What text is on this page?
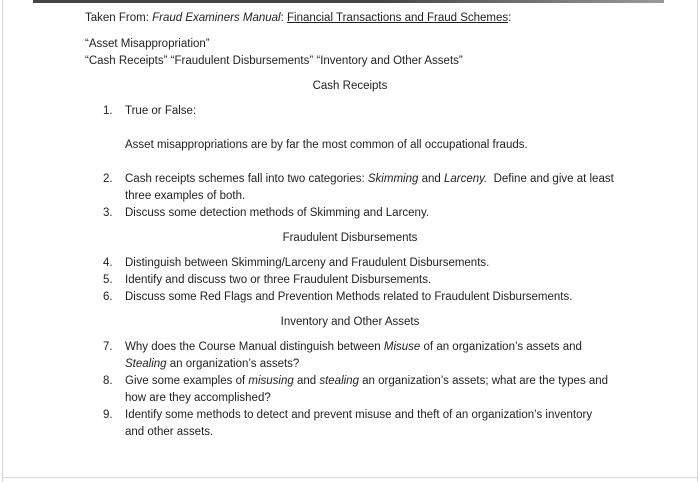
Taken From: Fraud Examiners Manual: Financial Transactions and Fraud Schemes:
“Asset Misappropriation”
“Cash Receipts” “Fraudulent Disbursements” “Inventory and Other Assets”
Cash Receipts
1.	True or False:
Asset misappropriations are by far the most common of all occupational frauds.
2.	Cash receipts schemes fall into two categories: Skimming and Larceny.  Define and give at least
three examples of both.
3.	Discuss some detection methods of Skimming and Larceny.
Fraudulent Disbursements
4.	Distinguish between Skimming/Larceny and Fraudulent Disbursements.
5.	Identify and discuss two or three Fraudulent Disbursements.
6.	Discuss some Red Flags and Prevention Methods related to Fraudulent Disbursements.
Inventory and Other Assets
7.	Why does the Course Manual distinguish between Misuse of an organization’s assets and
Stealing an organization’s assets?
8.	Give some examples of misusing and stealing an organization’s assets; what are the types and
how are they accomplished?
9.	Identify some methods to detect and prevent misuse and theft of an organization’s inventory
and other assets.
